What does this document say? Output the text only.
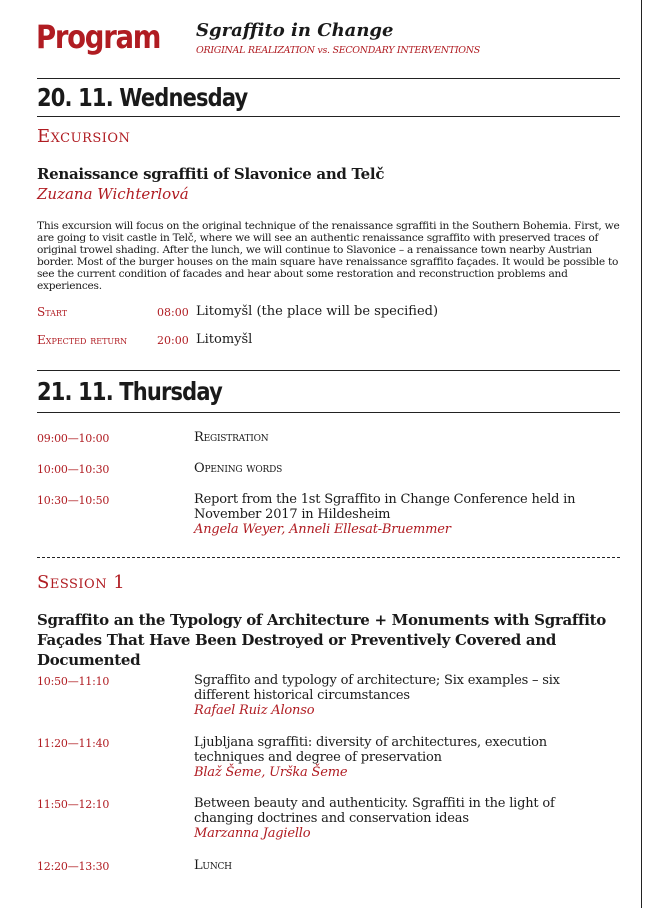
Program Sgraffito in Change
ORIGINAL REALIZATION vs. SECONDARY INTERVENTIONS
20. 11. Wednesday
Excursion
Renaissance sgraffiti of Slavonice and Telč
Zuzana Wichterlová
This excursion will focus on the original technique of the renaissance sgraffiti in the Southern Bohemia. First, we are going to visit castle in Telč, where we will see an authentic renaissance sgraffito with preserved traces of original trowel shading. After the lunch, we will continue to Slavonice – a renaissance town nearby Austrian border. Most of the burger houses on the main square have renaissance sgraffito façades. It would be possible to see the current condition of facades and hear about some restoration and reconstruction problems and experiences.
Start	08:00 Litomyšl (the place will be specified)
Expected return	20:00 Litomyšl
21. 11. Thursday
09:00—10:00	Registration
10:00—10:30	Opening words
10:30—10:50	Report from the 1st Sgraffito in Change Conference held in November 2017 in Hildesheim
Angela Weyer, Anneli Ellesat-Bruemmer
Session 1
Sgraffito an the Typology of Architecture + Monuments with Sgraffito Façades That Have Been Destroyed or Preventively Covered and Documented
10:50—11:10	Sgraffito and typology of architecture; Six examples – six different historical circumstances
Rafael Ruiz Alonso
11:20—11:40	Ljubljana sgraffiti: diversity of architectures, execution techniques and degree of preservation
Blaž Šeme, Urška Šeme
11:50—12:10	Between beauty and authenticity. Sgraffiti in the light of changing doctrines and conservation ideas
Marzanna Jagiello
12:20—13:30	Lunch
